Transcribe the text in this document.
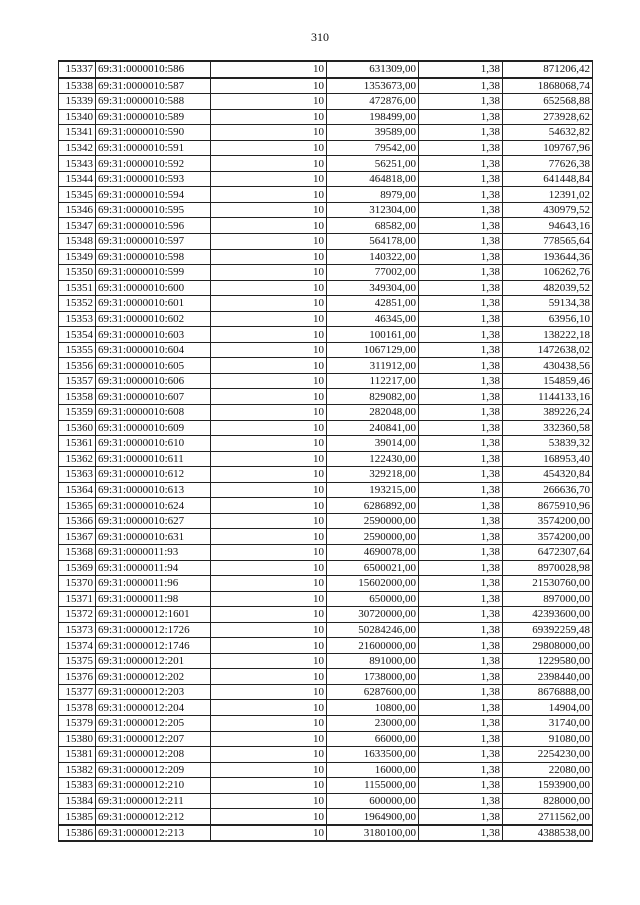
310
15337	69:31:0000010:586	10	631309,00	1,38	871206,42
15338	69:31:0000010:587	10	1353673,00	1,38	1868068,74
15339	69:31:0000010:588	10	472876,00	1,38	652568,88
15340	69:31:0000010:589	10	198499,00	1,38	273928,62
15341	69:31:0000010:590	10	39589,00	1,38	54632,82
15342	69:31:0000010:591	10	79542,00	1,38	109767,96
15343	69:31:0000010:592	10	56251,00	1,38	77626,38
15344	69:31:0000010:593	10	464818,00	1,38	641448,84
15345	69:31:0000010:594	10	8979,00	1,38	12391,02
15346	69:31:0000010:595	10	312304,00	1,38	430979,52
15347	69:31:0000010:596	10	68582,00	1,38	94643,16
15348	69:31:0000010:597	10	564178,00	1,38	778565,64
15349	69:31:0000010:598	10	140322,00	1,38	193644,36
15350	69:31:0000010:599	10	77002,00	1,38	106262,76
15351	69:31:0000010:600	10	349304,00	1,38	482039,52
15352	69:31:0000010:601	10	42851,00	1,38	59134,38
15353	69:31:0000010:602	10	46345,00	1,38	63956,10
15354	69:31:0000010:603	10	100161,00	1,38	138222,18
15355	69:31:0000010:604	10	1067129,00	1,38	1472638,02
15356	69:31:0000010:605	10	311912,00	1,38	430438,56
15357	69:31:0000010:606	10	112217,00	1,38	154859,46
15358	69:31:0000010:607	10	829082,00	1,38	1144133,16
15359	69:31:0000010:608	10	282048,00	1,38	389226,24
15360	69:31:0000010:609	10	240841,00	1,38	332360,58
15361	69:31:0000010:610	10	39014,00	1,38	53839,32
15362	69:31:0000010:611	10	122430,00	1,38	168953,40
15363	69:31:0000010:612	10	329218,00	1,38	454320,84
15364	69:31:0000010:613	10	193215,00	1,38	266636,70
15365	69:31:0000010:624	10	6286892,00	1,38	8675910,96
15366	69:31:0000010:627	10	2590000,00	1,38	3574200,00
15367	69:31:0000010:631	10	2590000,00	1,38	3574200,00
15368	69:31:0000011:93	10	4690078,00	1,38	6472307,64
15369	69:31:0000011:94	10	6500021,00	1,38	8970028,98
15370	69:31:0000011:96	10	15602000,00	1,38	21530760,00
15371	69:31:0000011:98	10	650000,00	1,38	897000,00
15372	69:31:0000012:1601	10	30720000,00	1,38	42393600,00
15373	69:31:0000012:1726	10	50284246,00	1,38	69392259,48
15374	69:31:0000012:1746	10	21600000,00	1,38	29808000,00
15375	69:31:0000012:201	10	891000,00	1,38	1229580,00
15376	69:31:0000012:202	10	1738000,00	1,38	2398440,00
15377	69:31:0000012:203	10	6287600,00	1,38	8676888,00
15378	69:31:0000012:204	10	10800,00	1,38	14904,00
15379	69:31:0000012:205	10	23000,00	1,38	31740,00
15380	69:31:0000012:207	10	66000,00	1,38	91080,00
15381	69:31:0000012:208	10	1633500,00	1,38	2254230,00
15382	69:31:0000012:209	10	16000,00	1,38	22080,00
15383	69:31:0000012:210	10	1155000,00	1,38	1593900,00
15384	69:31:0000012:211	10	600000,00	1,38	828000,00
15385	69:31:0000012:212	10	1964900,00	1,38	2711562,00
15386	69:31:0000012:213	10	3180100,00	1,38	4388538,00
